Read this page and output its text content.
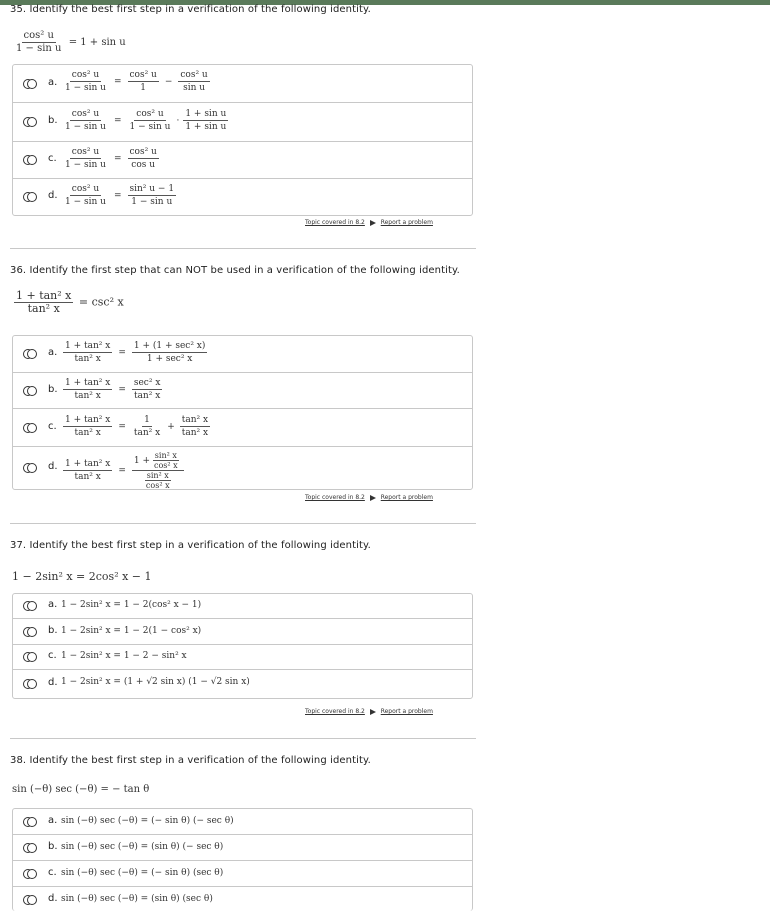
35. Identify the best first step in a verification of the following identity.
$\frac{\text{cos² u}}{\text{1 − sin u}} = 1 + \sin u$
a. $\frac{\text{cos² u}}{\text{1 − sin u}} = \frac{\text{cos² u}}{1} - \frac{\text{cos² u}}{\text{sin u}}$
b. $\frac{\text{cos² u}}{\text{1 − sin u}} = \frac{\text{cos² u}}{\text{1 − sin u}} \cdot \frac{\text{1 + sin u}}{\text{1 + sin u}}$
c. $\frac{\text{cos² u}}{\text{1 − sin u}} = \frac{\text{cos² u}}{\text{cos u}}$
d. $\frac{\text{cos² u}}{\text{1 − sin u}} = \frac{\text{sin² u − 1}}{\text{1 − sin u}}$
Topic covered in 8.2	Report a problem
36. Identify the first step that can NOT be used in a verification of the following identity.
$\frac{\text{1 + tan² x}}{\text{tan² x}} = \csc^2$ x
a. $\frac{\text{1 + tan² x}}{\text{tan² x}} = \frac{\text{1 + (1 + sec² x)}}{\text{1 + sec² x}}$
b. $\frac{\text{1 + tan² x}}{\text{tan² x}} = \frac{\text{sec² x}}{\text{tan² x}}$
c. $\frac{\text{1 + tan² x}}{\text{tan² x}} = \frac{1}{\text{tan² x}} + \frac{\text{tan² x}}{\text{tan² x}}$
d. $\frac{\text{1 + tan² x}}{\text{tan² x}} = \frac{1 + \frac{\text{sin² x}}{\text{cos² x}}}{\frac{\text{sin² x}}{\text{cos² x}}}$
Topic covered in 8.2	Report a problem
37. Identify the best first step in a verification of the following identity.
1 − 2sin² x = 2cos² x − 1
a. 1 − 2sin² x = 1 − 2(cos² x − 1)
b. 1 − 2sin² x = 1 − 2(1 − cos² x)
c. 1 − 2sin² x = 1 − 2 − sin² x
d. 1 − 2sin² x = (1 + √2 sin x) (1 − √2 sin x)
Topic covered in 8.2	Report a problem
38. Identify the best first step in a verification of the following identity.
sin (−θ) sec (−θ) = − tan θ
a. sin (−θ) sec (−θ) = (− sin θ) (− sec θ)
b. sin (−θ) sec (−θ) = (sin θ) (− sec θ)
c. sin (−θ) sec (−θ) = (− sin θ) (sec θ)
d. sin (−θ) sec (−θ) = (sin θ) (sec θ)
